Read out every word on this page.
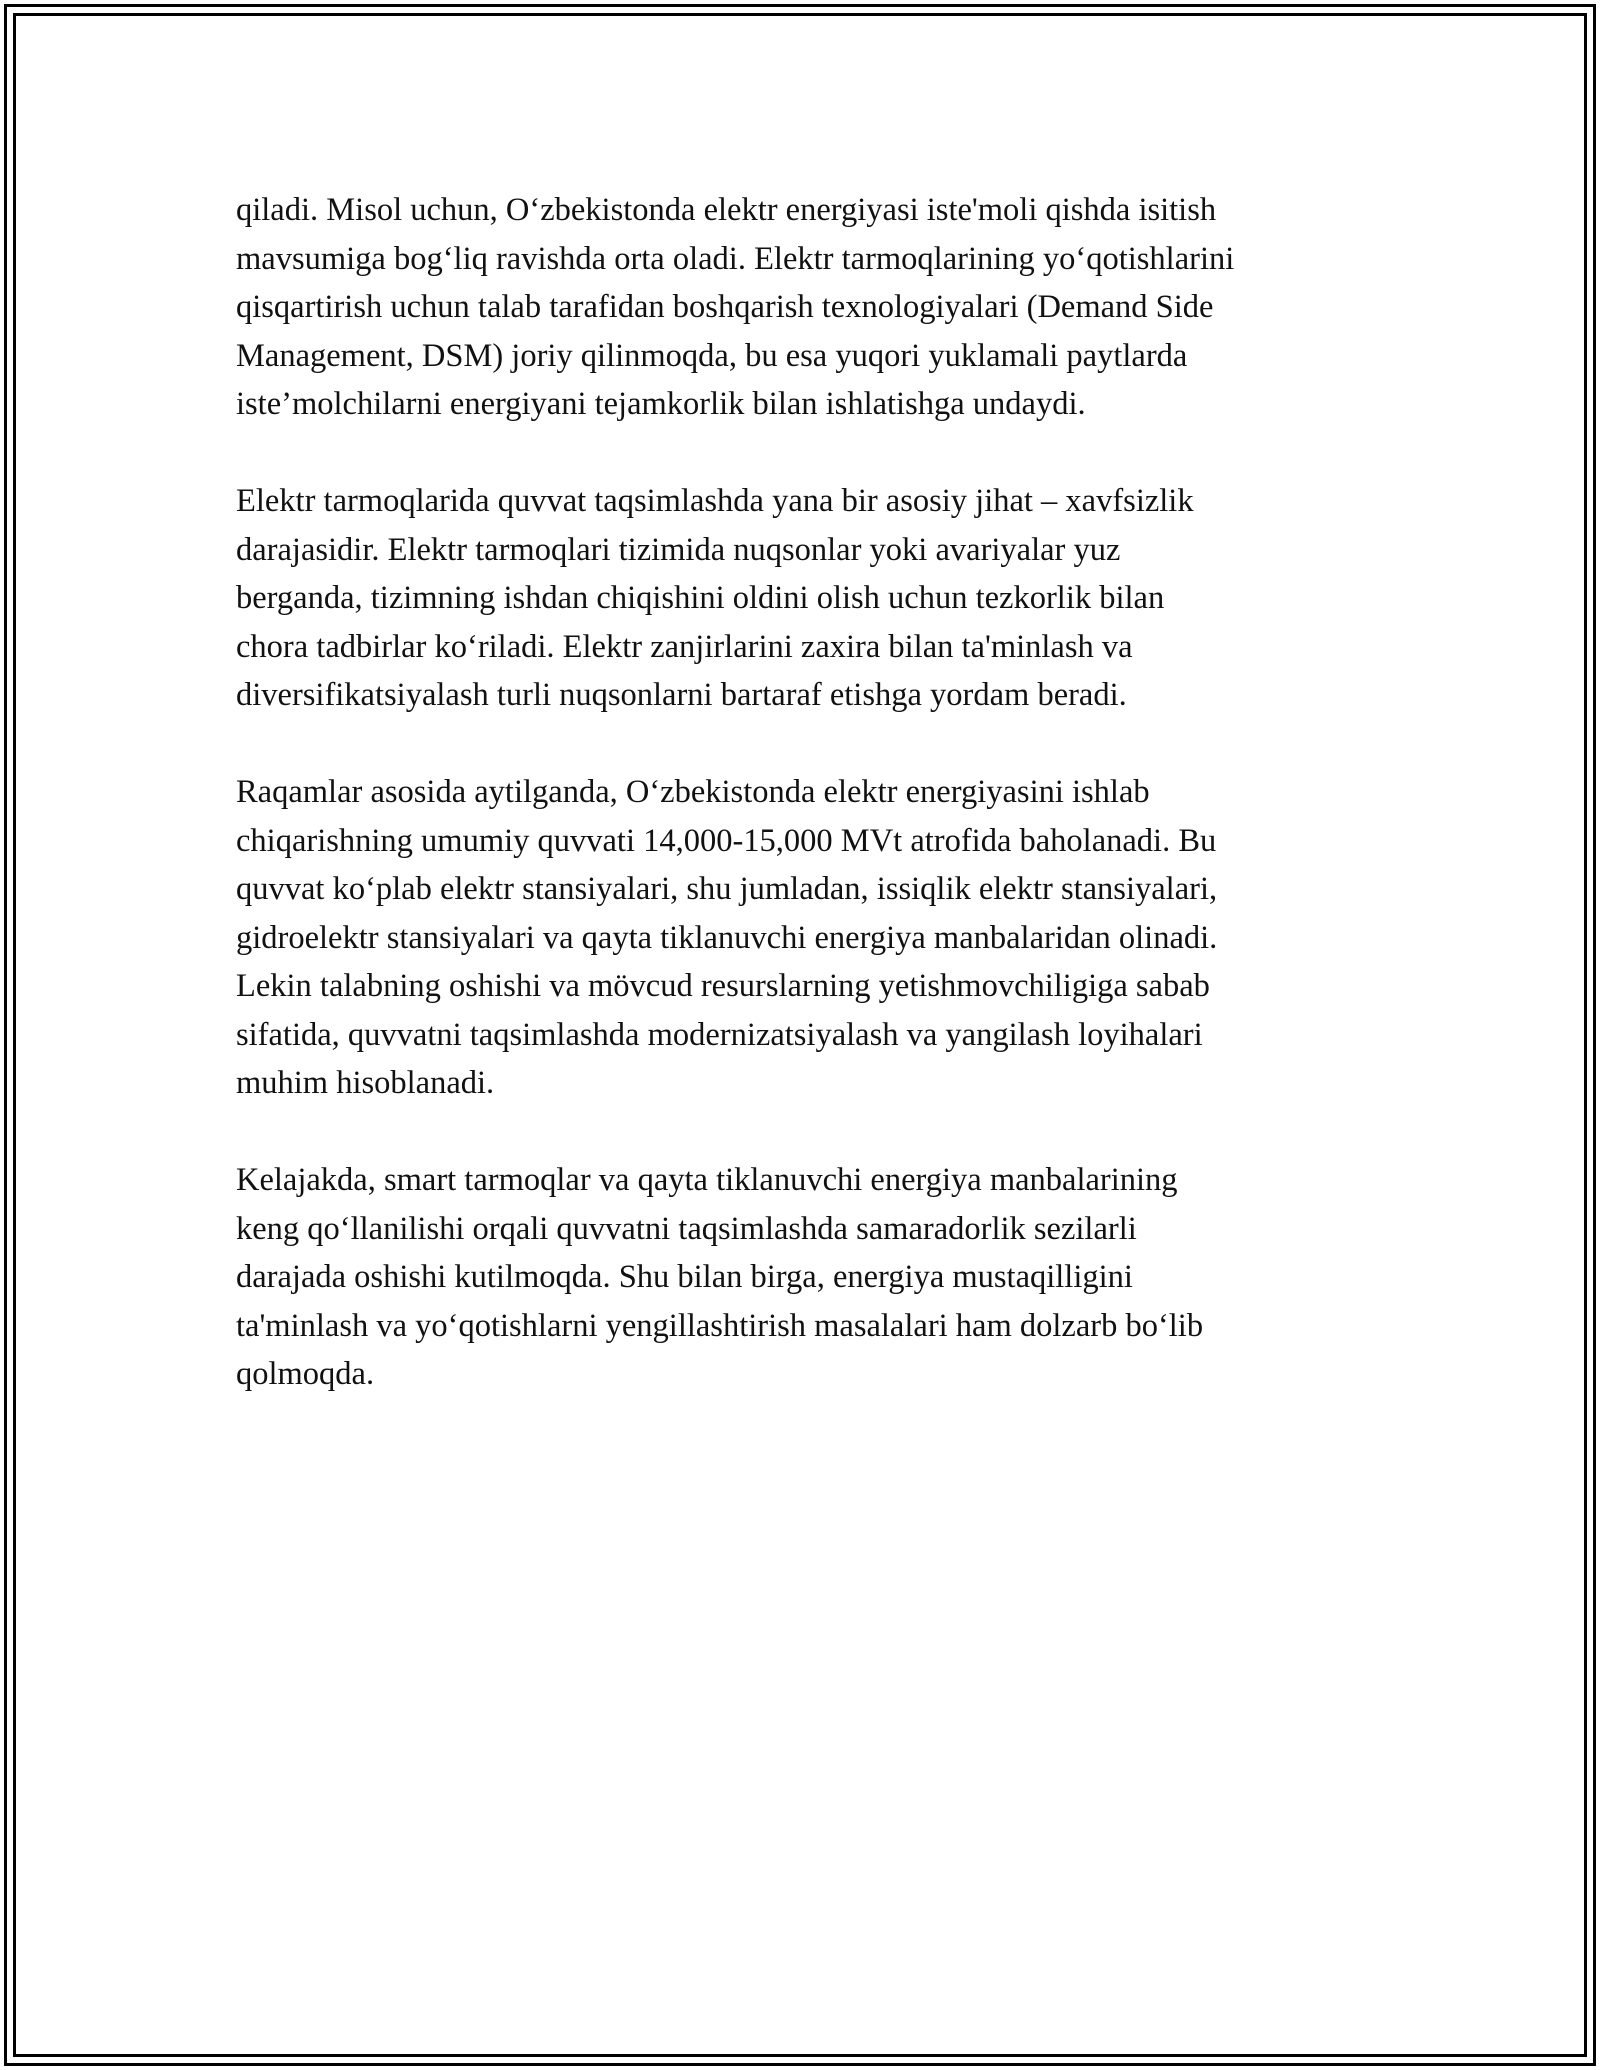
qiladi. Misol uchun, O‘zbekistonda elektr energiyasi iste'moli qishda isitish
mavsumiga bog‘liq ravishda orta oladi. Elektr tarmoqlarining yo‘qotishlarini
qisqartirish uchun talab tarafidan boshqarish texnologiyalari (Demand Side
Management, DSM) joriy qilinmoqda, bu esa yuqori yuklamali paytlarda
iste’molchilarni energiyani tejamkorlik bilan ishlatishga undaydi.

Elektr tarmoqlarida quvvat taqsimlashda yana bir asosiy jihat – xavfsizlik
darajasidir. Elektr tarmoqlari tizimida nuqsonlar yoki avariyalar yuz
berganda, tizimning ishdan chiqishini oldini olish uchun tezkorlik bilan
chora tadbirlar ko‘riladi. Elektr zanjirlarini zaxira bilan ta'minlash va
diversifikatsiyalash turli nuqsonlarni bartaraf etishga yordam beradi.

Raqamlar asosida aytilganda, O‘zbekistonda elektr energiyasini ishlab
chiqarishning umumiy quvvati 14,000-15,000 MVt atrofida baholanadi. Bu
quvvat ko‘plab elektr stansiyalari, shu jumladan, issiqlik elektr stansiyalari,
gidroelektr stansiyalari va qayta tiklanuvchi energiya manbalaridan olinadi.
Lekin talabning oshishi va mövcud resurslarning yetishmovchiligiga sabab
sifatida, quvvatni taqsimlashda modernizatsiyalash va yangilash loyihalari
muhim hisoblanadi.

Kelajakda, smart tarmoqlar va qayta tiklanuvchi energiya manbalarining
keng qo‘llanilishi orqali quvvatni taqsimlashda samaradorlik sezilarli
darajada oshishi kutilmoqda. Shu bilan birga, energiya mustaqilligini
ta'minlash va yo‘qotishlarni yengillashtirish masalalari ham dolzarb bo‘lib
qolmoqda.
